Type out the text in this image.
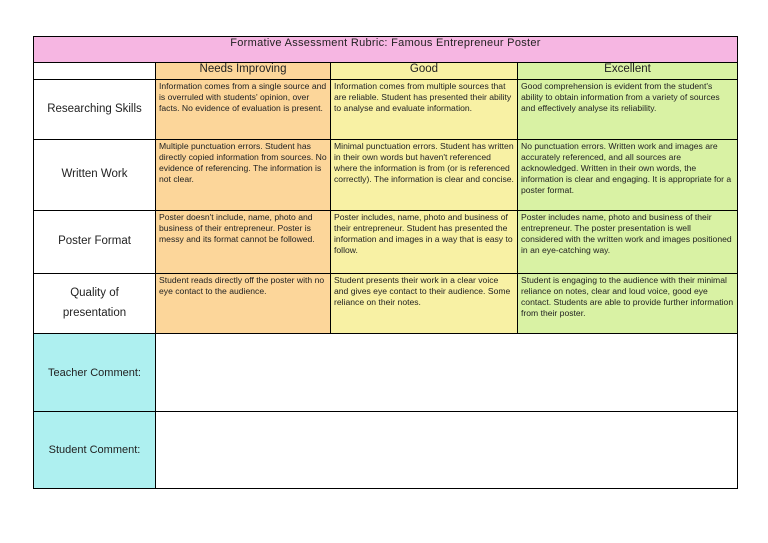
Formative Assessment Rubric: Famous Entrepreneur Poster			
	Needs Improving	Good	Excellent
Researching Skills	Information comes from a single source and is overruled with students' opinion, over facts. No evidence of evaluation is present.	Information comes from multiple sources that are reliable. Student has presented their ability to analyse and evaluate information.	Good comprehension is evident from the student's ability to obtain information from a variety of sources and effectively analyse its reliability.

Written Work	Multiple punctuation errors. Student has directly copied information from sources. No evidence of referencing. The information is not clear.	Minimal punctuation errors. Student has written in their own words but haven't referenced where the information is from (or is referenced correctly). The information is clear and concise.	No punctuation errors. Written work and images are accurately referenced, and all sources are acknowledged. Written in their own words, the information is clear and engaging. It is appropriate for a poster format.

Poster Format	Poster doesn't include, name, photo and business of their entrepreneur. Poster is messy and its format cannot be followed.	Poster includes, name, photo and business of their entrepreneur. Student has presented the information and images in a way that is easy to follow.	Poster includes name, photo and business of their entrepreneur. The poster presentation is well considered with the written work and images positioned in an eye-catching way.

Quality of
presentation	Student reads directly off the poster with no eye contact to the audience.	Student presents their work in a clear voice and gives eye contact to their audience. Some reliance on their notes.	Student is engaging to the audience with their minimal reliance on notes, clear and loud voice, good eye contact. Students are able to provide further information from their poster.

Teacher Comment:			
Student Comment:			
